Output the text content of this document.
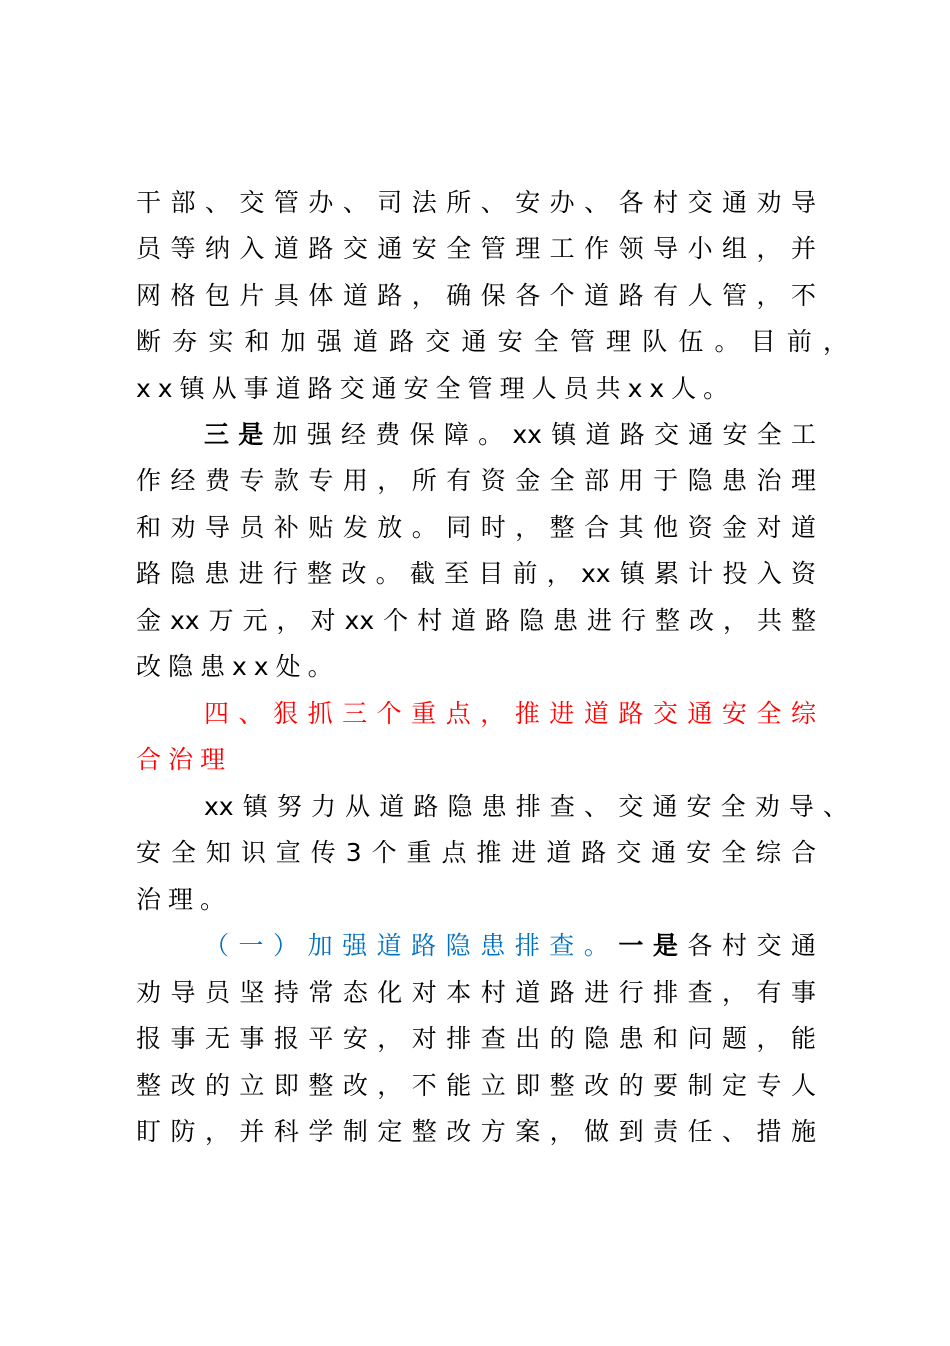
干部、交管办、司法所、安办、各村交通劝导
员等纳入道路交通安全管理工作领导小组，并
网格包片具体道路，确保各个道路有人管，不
断夯实和加强道路交通安全管理队伍。目前，
xx镇从事道路交通安全管理人员共xx人。
三是加强经费保障。xx镇道路交通安全工
作经费专款专用，所有资金全部用于隐患治理
和劝导员补贴发放。同时，整合其他资金对道
路隐患进行整改。截至目前，xx镇累计投入资
金xx万元，对xx个村道路隐患进行整改，共整
改隐患xx处。
四、狠抓三个重点，推进道路交通安全综
合治理
xx镇努力从道路隐患排查、交通安全劝导、
安全知识宣传3个重点推进道路交通安全综合
治理。
（一）加强道路隐患排查。一是各村交通
劝导员坚持常态化对本村道路进行排查，有事
报事无事报平安，对排查出的隐患和问题，能
整改的立即整改，不能立即整改的要制定专人
盯防，并科学制定整改方案，做到责任、措施
